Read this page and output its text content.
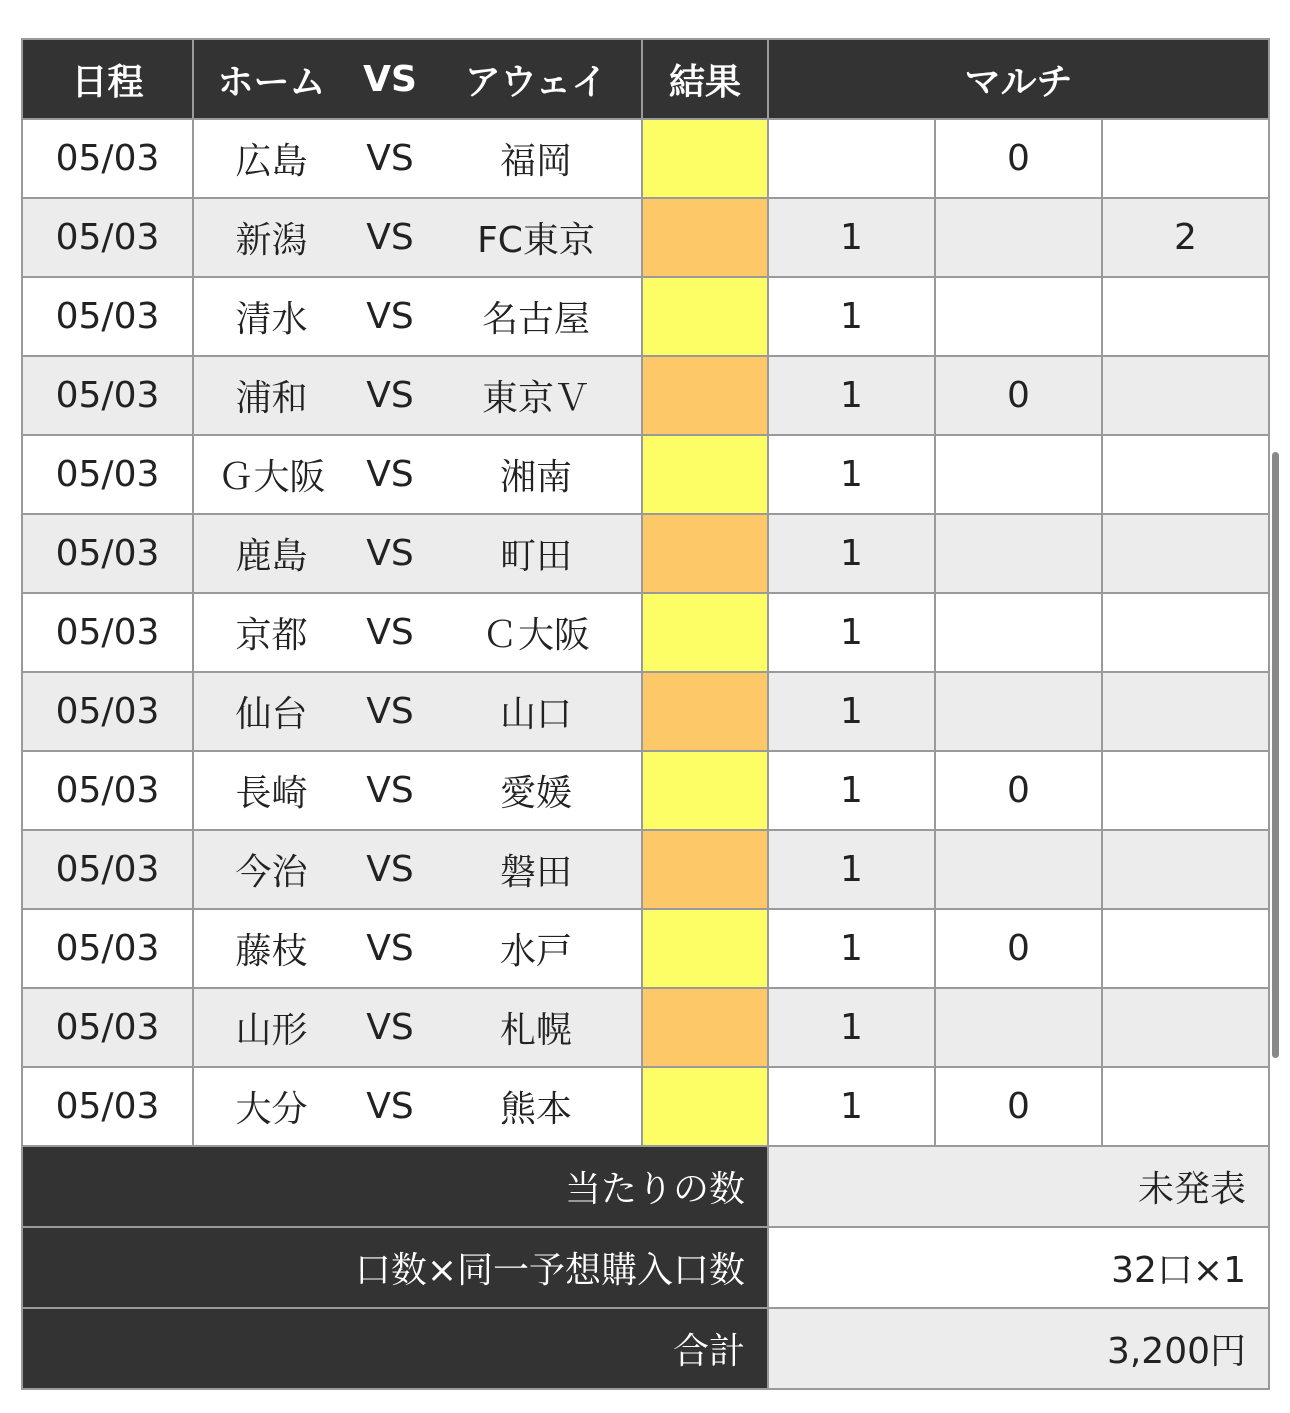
日程	ホーム VS アウェイ	結果	マルチ		
05/03	広島 VS 福岡			0	
05/03	新潟 VS FC東京		1		2
05/03	清水 VS 名古屋		1		
05/03	浦和 VS 東京Ｖ		1	0	
05/03	Ｇ大阪 VS 湘南		1		
05/03	鹿島 VS 町田		1		
05/03	京都 VS Ｃ大阪		1		
05/03	仙台 VS 山口		1		
05/03	長崎 VS 愛媛		1	0	
05/03	今治 VS 磐田		1		
05/03	藤枝 VS 水戸		1	0	
05/03	山形 VS 札幌		1		
05/03	大分 VS 熊本		1	0	
当たりの数			未発表		
口数×同一予想購入口数			32口×1		
合計			3,200円		
